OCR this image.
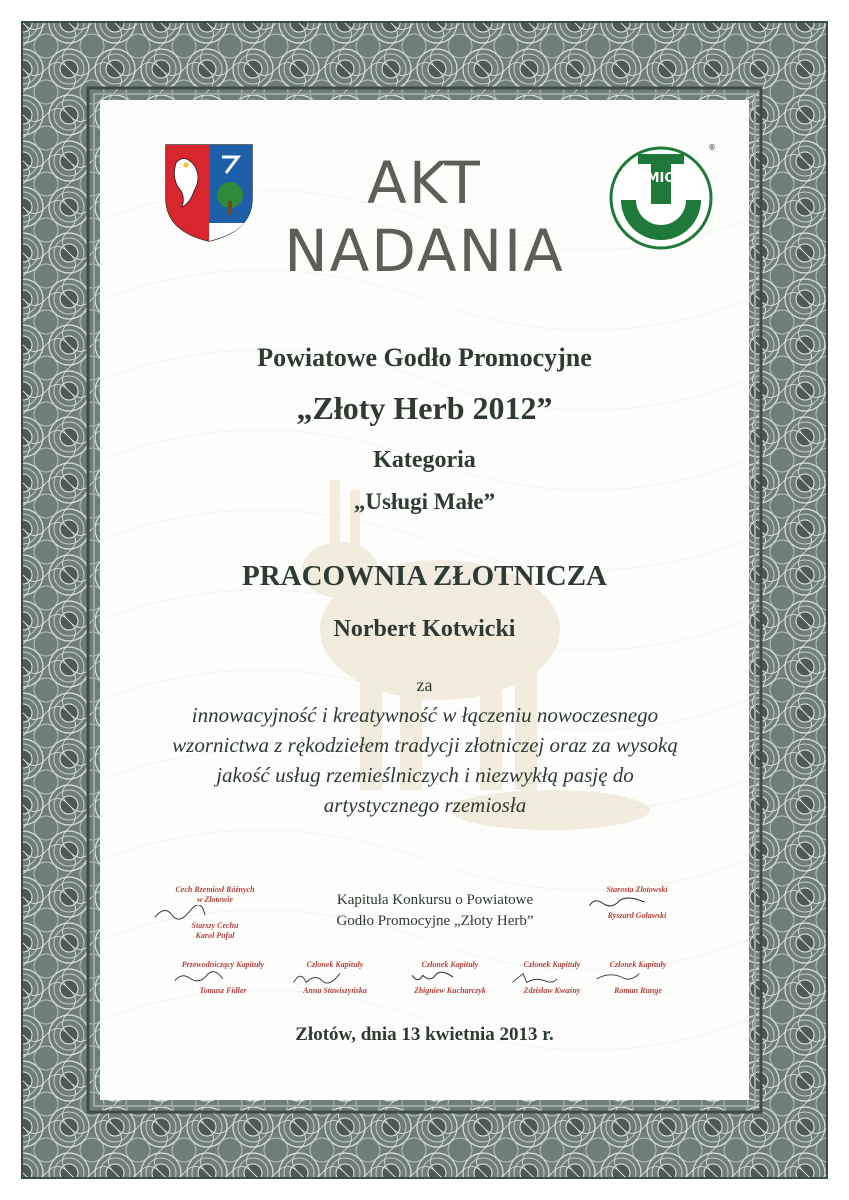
RZEMIOSŁO
®
AKT
NADANIA
Powiatowe Godło Promocyjne
„Złoty Herb 2012”
Kategoria
„Usługi Małe”
PRACOWNIA ZŁOTNICZA
Norbert Kotwicki
za
innowacyjność i kreatywność w łączeniu nowoczesnego
wzornictwa z rękodziełem tradycji złotniczej oraz za wysoką
jakość usług rzemieślniczych i niezwykłą pasję do
artystycznego rzemiosła
Cech Rzemiosł Różnych
w Złotowie
Starszy Cechu
Karol Pufal
Kapituła Konkursu o Powiatowe
Godło Promocyjne „Złoty Herb”
Starosta Złotowski
Ryszard Goławski
Przewodniczący Kapituły
Tomasz Fidler
Członek Kapituły
Anna Stawiszyńska
Członek Kapituły
Zbigniew Kucharczyk
Członek Kapituły
Zdzisław Kwaśny
Członek Kapituły
Roman Runge
Złotów, dnia 13 kwietnia 2013 r.
